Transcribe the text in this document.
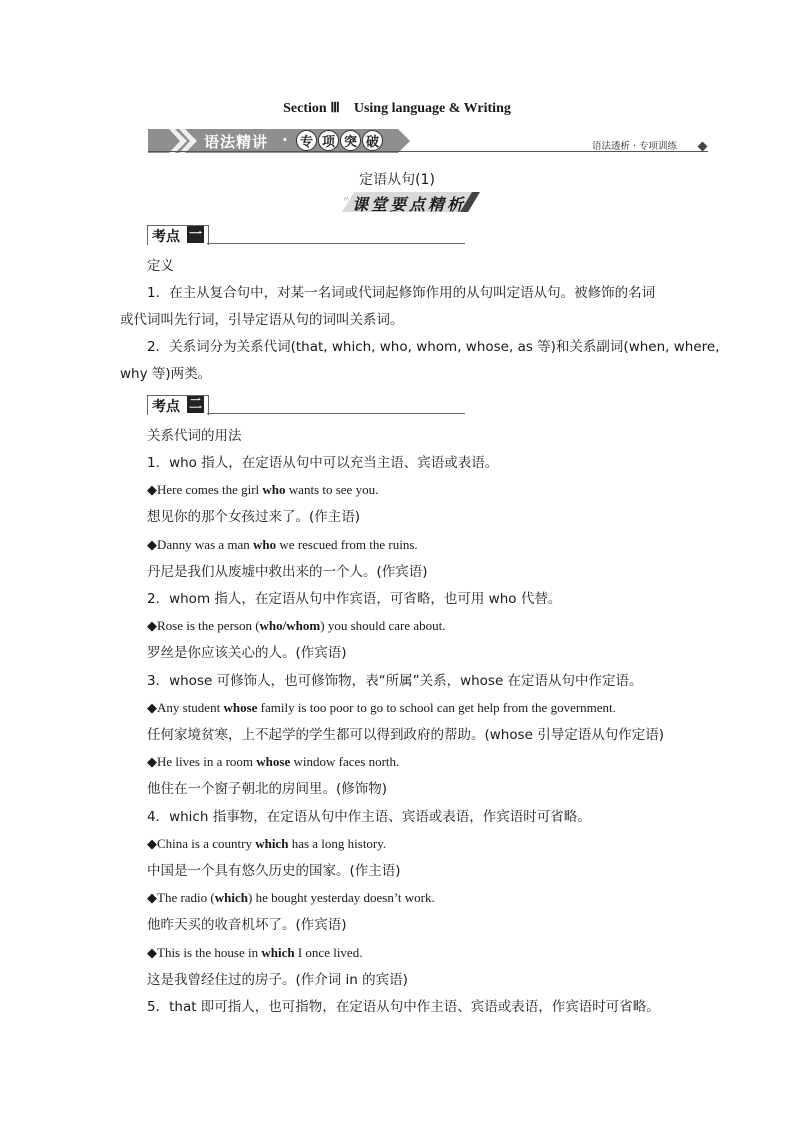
Section Ⅲ　Using language & Writing
语法精讲 · 专 项 突 破	语法透析 · 专项训练
定语从句(1)
〃 课堂要点精析
考点 一
定义
1．在主从复合句中，对某一名词或代词起修饰作用的从句叫定语从句。被修饰的名词
或代词叫先行词，引导定语从句的词叫关系词。
2．关系词分为关系代词(that, which, who, whom, whose, as 等)和关系副词(when, where,
why 等)两类。
考点 二
关系代词的用法
1．who 指人，在定语从句中可以充当主语、宾语或表语。
◆Here comes the girl who wants to see you.
想见你的那个女孩过来了。(作主语)
◆Danny was a man who we rescued from the ruins.
丹尼是我们从废墟中救出来的一个人。(作宾语)
2．whom 指人，在定语从句中作宾语，可省略，也可用 who 代替。
◆Rose is the person (who/whom) you should care about.
罗丝是你应该关心的人。(作宾语)
3．whose 可修饰人，也可修饰物，表“所属”关系，whose 在定语从句中作定语。
◆Any student whose family is too poor to go to school can get help from the government.
任何家境贫寒，上不起学的学生都可以得到政府的帮助。(whose 引导定语从句作定语)
◆He lives in a room whose window faces north.
他住在一个窗子朝北的房间里。(修饰物)
4．which 指事物，在定语从句中作主语、宾语或表语，作宾语时可省略。
◆China is a country which has a long history.
中国是一个具有悠久历史的国家。(作主语)
◆The radio (which) he bought yesterday doesn’t work.
他昨天买的收音机坏了。(作宾语)
◆This is the house in which I once lived.
这是我曾经住过的房子。(作介词 in 的宾语)
5．that 即可指人，也可指物，在定语从句中作主语、宾语或表语，作宾语时可省略。
